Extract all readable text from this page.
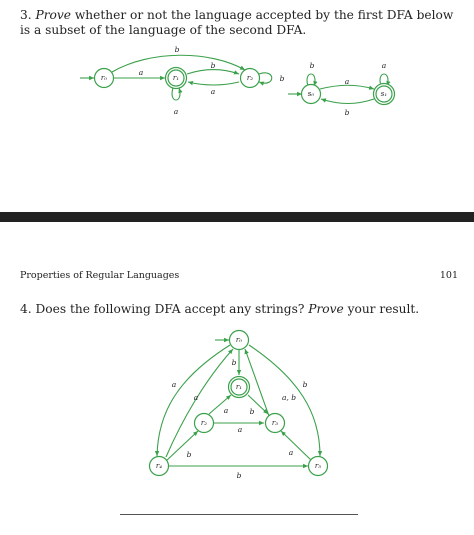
3. Prove whether or not the language accepted by the first DFA below is a subset of the language of the second DFA.
b
a
b
a
a
b
r₀	r₁	r₂
b	a
a
b
s₀	s₁
a
a
b
b
a, b
a	b
a
b	a
b
r₀
r₁
r₂	r₃
r₄	r₅
Properties of Regular Languages	101
4. Does the following DFA accept any strings? Prove your result.
